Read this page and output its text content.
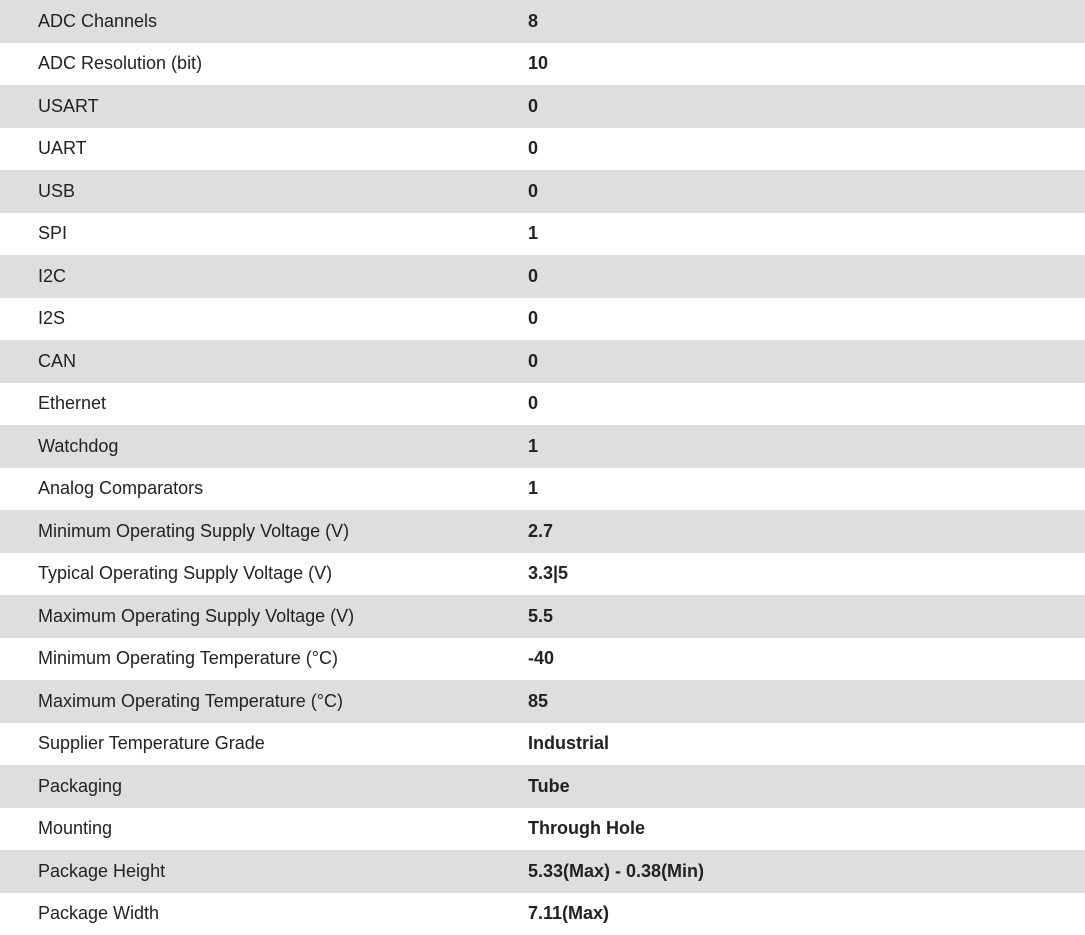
ADC Channels	8
ADC Resolution (bit)	10
USART	0
UART	0
USB	0
SPI	1
I2C	0
I2S	0
CAN	0
Ethernet	0
Watchdog	1
Analog Comparators	1
Minimum Operating Supply Voltage (V)	2.7
Typical Operating Supply Voltage (V)	3.3|5
Maximum Operating Supply Voltage (V)	5.5
Minimum Operating Temperature (°C)	-40
Maximum Operating Temperature (°C)	85
Supplier Temperature Grade	Industrial
Packaging	Tube
Mounting	Through Hole
Package Height	5.33(Max) - 0.38(Min)
Package Width	7.11(Max)
